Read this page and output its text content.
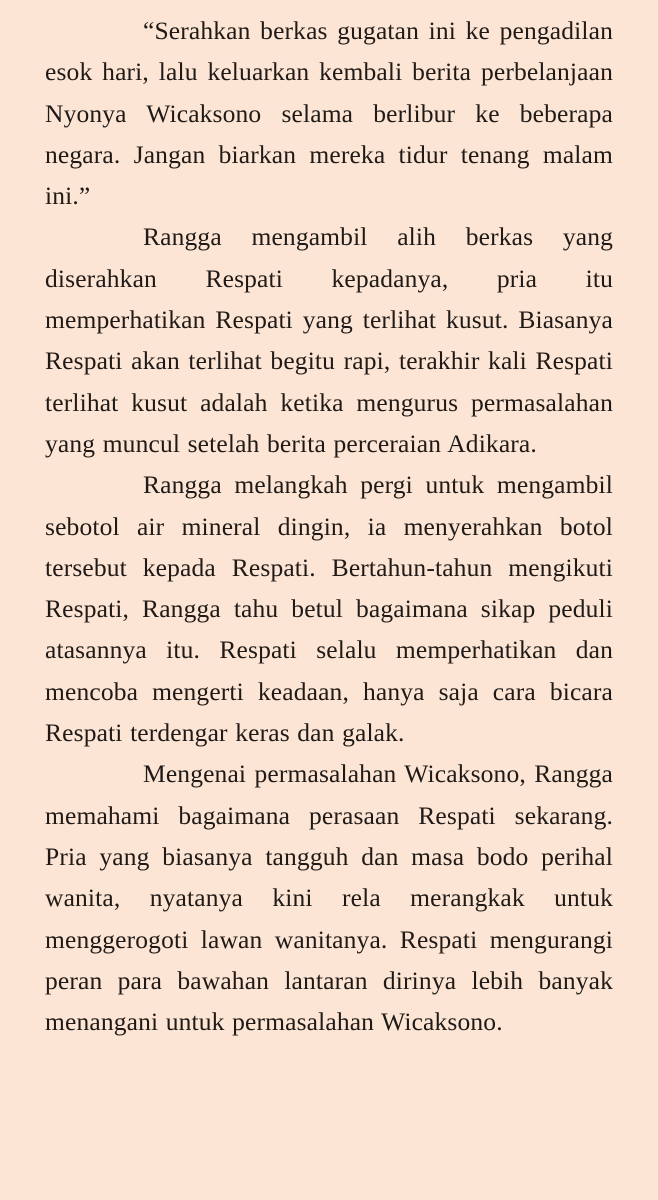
“Serahkan berkas gugatan ini ke pengadilan esok hari, lalu keluarkan kembali berita perbelanjaan Nyonya Wicaksono selama berlibur ke beberapa negara. Jangan biarkan mereka tidur tenang malam ini.”

Rangga mengambil alih berkas yang diserahkan Respati kepadanya, pria itu memperhatikan Respati yang terlihat kusut. Biasanya Respati akan terlihat begitu rapi, terakhir kali Respati terlihat kusut adalah ketika mengurus permasalahan yang muncul setelah berita perceraian Adikara.

Rangga melangkah pergi untuk mengambil sebotol air mineral dingin, ia menyerahkan botol tersebut kepada Respati. Bertahun-tahun mengikuti Respati, Rangga tahu betul bagaimana sikap peduli atasannya itu. Respati selalu memperhatikan dan mencoba mengerti keadaan, hanya saja cara bicara Respati terdengar keras dan galak.

Mengenai permasalahan Wicaksono, Rangga memahami bagaimana perasaan Respati sekarang. Pria yang biasanya tangguh dan masa bodo perihal wanita, nyatanya kini rela merangkak untuk menggerogoti lawan wanitanya. Respati mengurangi peran para bawahan lantaran dirinya lebih banyak menangani untuk permasalahan Wicaksono.
